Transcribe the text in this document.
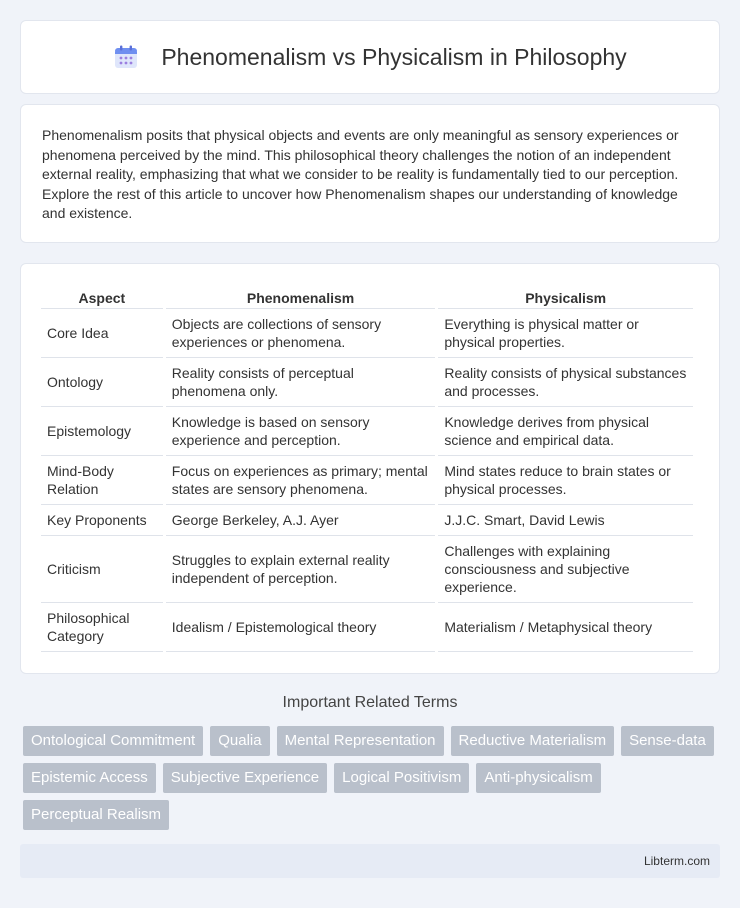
Phenomenalism vs Physicalism in Philosophy

Phenomenalism posits that physical objects and events are only meaningful as sensory experiences or phenomena perceived by the mind. This philosophical theory challenges the notion of an independent external reality, emphasizing that what we consider to be reality is fundamentally tied to our perception. Explore the rest of this article to uncover how Phenomenalism shapes our understanding of knowledge and existence.

Aspect	Phenomenalism	Physicalism
Core Idea	Objects are collections of sensory experiences or phenomena.	Everything is physical matter or physical properties.
Ontology	Reality consists of perceptual phenomena only.	Reality consists of physical substances and processes.
Epistemology	Knowledge is based on sensory experience and perception.	Knowledge derives from physical science and empirical data.
Mind-Body Relation	Focus on experiences as primary; mental states are sensory phenomena.	Mind states reduce to brain states or physical processes.
Key Proponents	George Berkeley, A.J. Ayer	J.J.C. Smart, David Lewis
Criticism	Struggles to explain external reality independent of perception.	Challenges with explaining consciousness and subjective experience.
Philosophical Category	Idealism / Epistemological theory	Materialism / Metaphysical theory
Important Related Terms
Ontological Commitment	Qualia	Mental Representation	Reductive Materialism	Sense-data
Epistemic Access	Subjective Experience	Logical Positivism	Anti-physicalism
Perceptual Realism
Libterm.com
